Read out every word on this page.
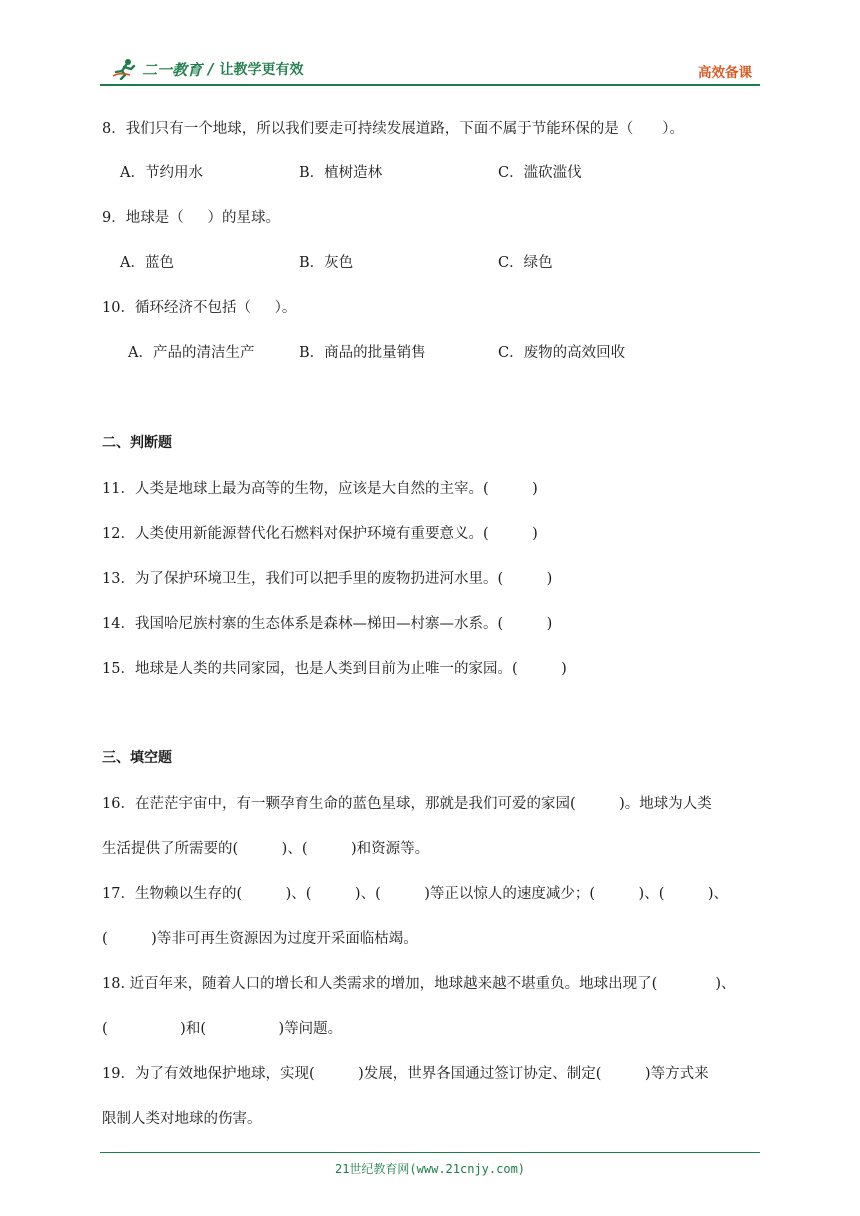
二一教育 / 让教学更有效	高效备课
8．我们只有一个地球，所以我们要走可持续发展道路，下面不属于节能环保的是（　　）。
A．节约用水	B．植树造林	C．滥砍滥伐
9．地球是（　  ）的星球。
A．蓝色	B．灰色	C．绿色
10．循环经济不包括（　  ）。
A．产品的清洁生产	B．商品的批量销售	C．废物的高效回收
二、判断题
11．人类是地球上最为高等的生物，应该是大自然的主宰。(　　　)
12．人类使用新能源替代化石燃料对保护环境有重要意义。(　　　)
13．为了保护环境卫生，我们可以把手里的废物扔进河水里。(　　　)
14．我国哈尼族村寨的生态体系是森林—梯田—村寨—水系。(　　　)
15．地球是人类的共同家园，也是人类到目前为止唯一的家园。(　　　)
三、填空题
16．在茫茫宇宙中，有一颗孕育生命的蓝色星球，那就是我们可爱的家园(　　　)。地球为人类
生活提供了所需要的(　　　)、(　　　)和资源等。
17．生物赖以生存的(　　　)、(　　　)、(　　　)等正以惊人的速度减少；(　　　)、(　　　)、
(　　　)等非可再生资源因为过度开采面临枯竭。
18. 近百年来，随着人口的增长和人类需求的增加，地球越来越不堪重负。地球出现了(　　　　)、
(　　　　　)和(　　　　　)等问题。
19．为了有效地保护地球，实现(　　　)发展，世界各国通过签订协定、制定(　　　)等方式来
限制人类对地球的伤害。
21世纪教育网(www.21cnjy.com)
